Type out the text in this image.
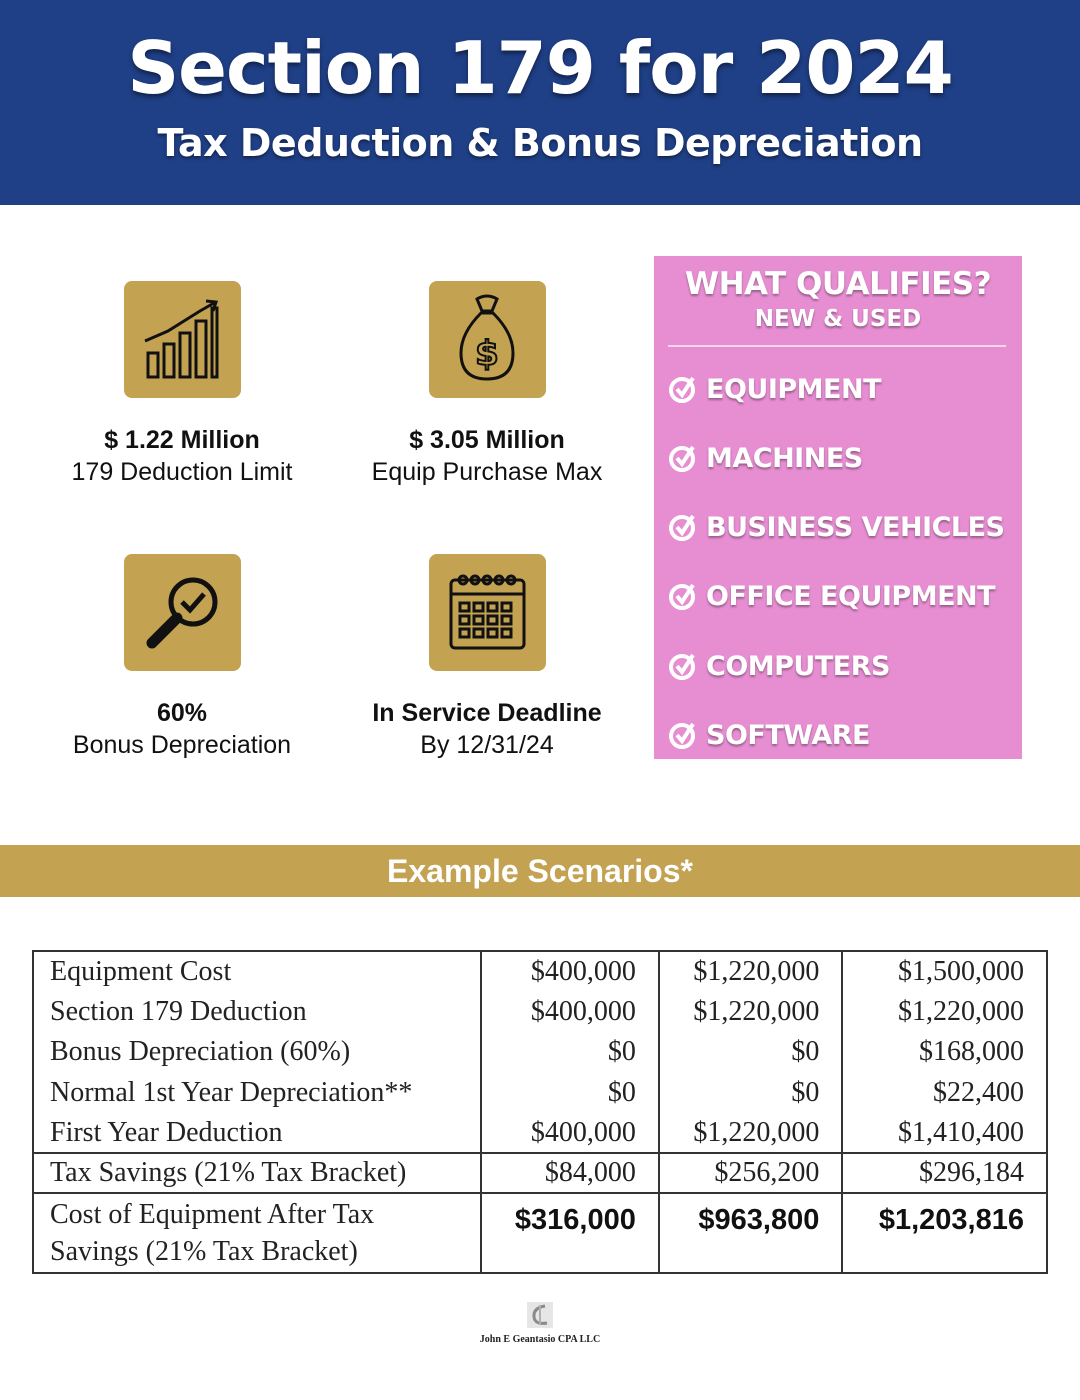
Section 179 for 2024
Tax Deduction & Bonus Depreciation
$ 1.22 Million
179 Deduction Limit
$
$ 3.05 Million
Equip Purchase Max
60%
Bonus Depreciation
In Service Deadline
By 12/31/24
WHAT QUALIFIES?
NEW & USED
EQUIPMENT
MACHINES
BUSINESS VEHICLES
OFFICE EQUIPMENT
COMPUTERS
SOFTWARE
Example Scenarios*
Equipment Cost	$400,000	$1,220,000	$1,500,000
Section 179 Deduction	$400,000	$1,220,000	$1,220,000
Bonus Depreciation (60%)	$0	$0	$168,000
Normal 1st Year Depreciation**	$0	$0	$22,400
First Year Deduction	$400,000	$1,220,000	$1,410,400
Tax Savings (21% Tax Bracket)	$84,000	$256,200	$296,184
Cost of Equipment After Tax Savings (21% Tax Bracket)	$316,000	$963,800	$1,203,816
John E Geantasio CPA LLC
